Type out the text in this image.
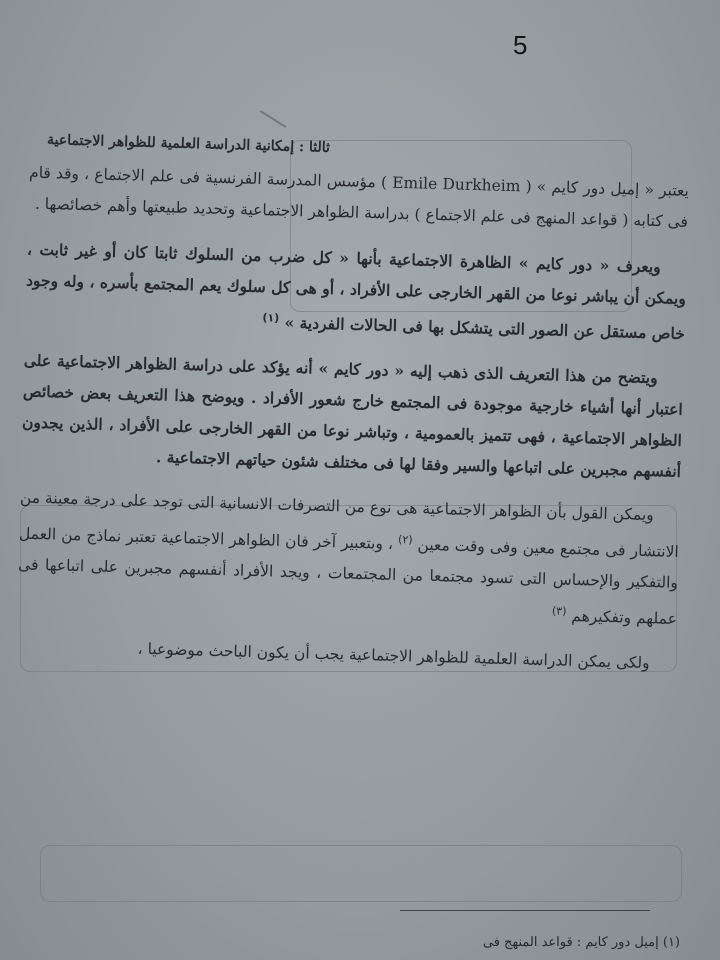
5
ثالثا : إمكانية الدراسة العلمية للظواهر الاجتماعية

يعتبر « إميل دور كايم » ( Emile Durkheim ) مؤسس المدرسة الفرنسية فى علم الاجتماع ، وقد قام فى كتابه ( قواعد المنهج فى علم الاجتماع ) بدراسة الظواهر الاجتماعية وتحديد طبيعتها وأهم خصائصها .

ويعرف « دور كايم » الظاهرة الاجتماعية بأنها « كل ضرب من السلوك ثابتا كان أو غير ثابت ، ويمكن أن يباشر نوعا من القهر الخارجى على الأفراد ، أو هى كل سلوك يعم المجتمع بأسره ، وله وجود خاص مستقل عن الصور التى يتشكل بها فى الحالات الفردية » $^{(١)}$

ويتضح من هذا التعريف الذى ذهب إليه « دور كايم » أنه يؤكد على دراسة الظواهر الاجتماعية على اعتبار أنها أشياء خارجية موجودة فى المجتمع خارج شعور الأفراد . ويوضح هذا التعريف بعض خصائص الظواهر الاجتماعية ، فهى تتميز بالعمومية ، وتباشر نوعا من القهر الخارجى على الأفراد ، الذين يجدون أنفسهم مجبرين على اتباعها والسير وفقا لها فى مختلف شئون حياتهم الاجتماعية .

ويمكن القول بأن الظواهر الاجتماعية هى نوع من التصرفات الانسانية التى توجد على درجة معينة من الانتشار فى مجتمع معين وفى وقت معين $^{(٢)}$ ، وبتعبير آخر فان الظواهر الاجتماعية تعتبر نماذج من العمل والتفكير والإحساس التى تسود مجتمعا من المجتمعات ، ويجد الأفراد أنفسهم مجبرين على اتباعها فى عملهم وتفكيرهم $^{(٣)}$

ولكى يمكن الدراسة العلمية للظواهر الاجتماعية يجب أن يكون الباحث موضوعيا ،

(١) إميل دور كايم : قواعد المنهج فى
